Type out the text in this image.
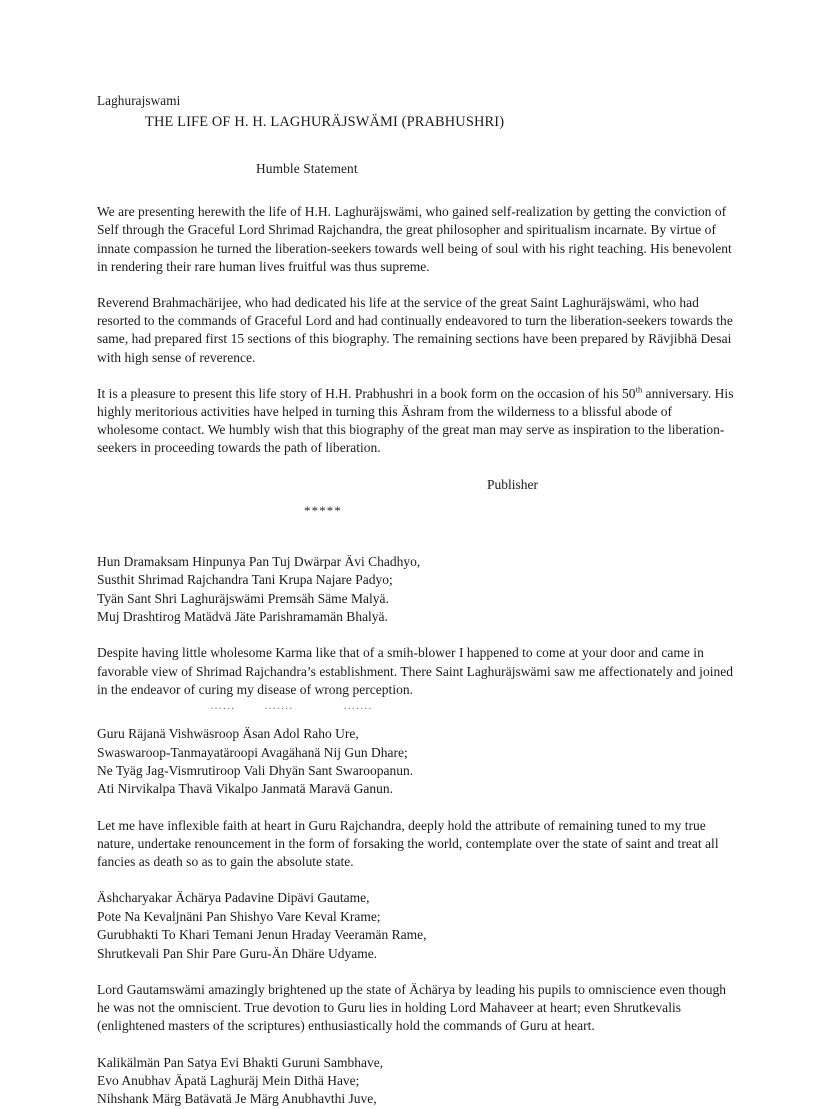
Laghurajswami
THE LIFE OF H. H. LAGHURÄJSWÄMI (PRABHUSHRI)
Humble Statement

We are presenting herewith the life of H.H. Laghuräjswämi, who gained self-realization by getting the conviction of Self through the Graceful Lord Shrimad Rajchandra, the great philosopher and spiritualism incarnate. By virtue of innate compassion he turned the liberation-seekers towards well being of soul with his right teaching. His benevolent in rendering their rare human lives fruitful was thus supreme.

Reverend Brahmachärijee, who had dedicated his life at the service of the great Saint Laghuräjswämi, who had resorted to the commands of Graceful Lord and had continually endeavored to turn the liberation-seekers towards the same, had prepared first 15 sections of this biography. The remaining sections have been prepared by Rävjibhä Desai with high sense of reverence.

It is a pleasure to present this life story of H.H. Prabhushri in a book form on the occasion of his 50th anniversary. His highly meritorious activities have helped in turning this Äshram from the wilderness to a blissful abode of wholesome contact. We humbly wish that this biography of the great man may serve as inspiration to the liberation-seekers in proceeding towards the path of liberation.

Publisher

*****

Hun Dramaksam Hinpunya Pan Tuj Dwärpar Ävi Chadhyo,
Susthit Shrimad Rajchandra Tani Krupa Najare Padyo;
Tyän Sant Shri Laghuräjswämi Premsäh Säme Malyä.
Muj Drashtirog Matädvä Jäte Parishramamän Bhalyä.

Despite having little wholesome Karma like that of a smih-blower I happened to come at your door and came in favorable view of Shrimad Rajchandra’s establishment. There Saint Laghuräjswämi saw me affectionately and joined in the endeavor of curing my disease of wrong perception.

……        …….              …….

Guru Räjanä Vishwäsroop Äsan Adol Raho Ure,
Swaswaroop-Tanmayatäroopi Avagähanä Nij Gun Dhare;
Ne Tyäg Jag-Vismrutiroop Vali Dhyän Sant Swaroopanun.
Ati Nirvikalpa Thavä Vikalpo Janmatä Maravä Ganun.

Let me have inflexible faith at heart in Guru Rajchandra, deeply hold the attribute of remaining tuned to my true nature, undertake renouncement in the form of forsaking the world, contemplate over the state of saint and treat all fancies as death so as to gain the absolute state.

Äshcharyakar Ächärya Padavine Dipävi Gautame,
Pote Na Kevaljnäni Pan Shishyo Vare Keval Krame;
Gurubhakti To Khari Temani Jenun Hraday Veeramän Rame,
Shrutkevali Pan Shir Pare Guru-Än Dhäre Udyame.

Lord Gautamswämi amazingly brightened up the state of Ächärya by leading his pupils to omniscience even though he was not the omniscient. True devotion to Guru lies in holding Lord Mahaveer at heart; even Shrutkevalis (enlightened masters of the scriptures) enthusiastically hold the commands of Guru at heart.

Kalikälmän Pan Satya Evi Bhakti Guruni Sambhave,
Evo Anubhav Äpatä Laghuräj Mein Dithä Have;
Nihshank Märg Batävatä Je Märg Anubhavthi Juve,
